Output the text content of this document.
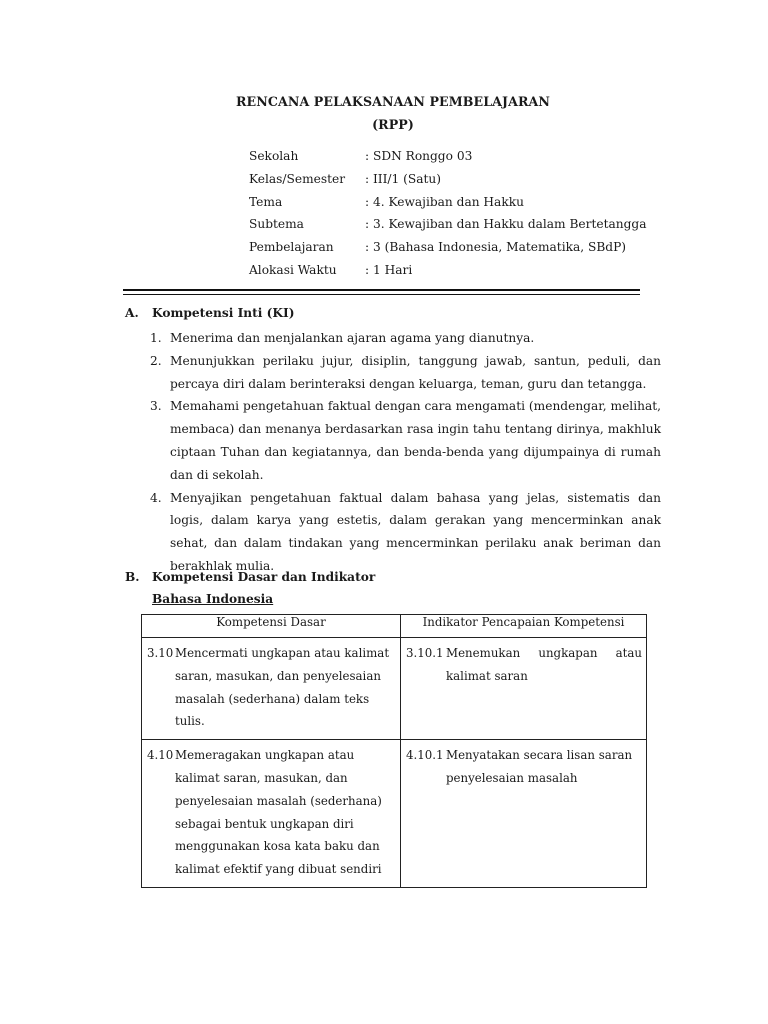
RENCANA PELAKSANAAN PEMBELAJARAN
(RPP)
Sekolah	: SDN Ronggo 03
Kelas/Semester : III/1 (Satu)
Tema	: 4. Kewajiban dan Hakku
Subtema	: 3. Kewajiban dan Hakku dalam Bertetangga
Pembelajaran	: 3 (Bahasa Indonesia, Matematika, SBdP)
Alokasi Waktu : 1 Hari
A. Kompetensi Inti (KI)
1. Menerima dan menjalankan ajaran agama yang dianutnya.
2. Menunjukkan perilaku jujur, disiplin, tanggung jawab, santun, peduli, dan percaya diri dalam berinteraksi dengan keluarga, teman, guru dan tetangga.
3. Memahami pengetahuan faktual dengan cara mengamati (mendengar, melihat, membaca) dan menanya berdasarkan rasa ingin tahu tentang dirinya, makhluk ciptaan Tuhan dan kegiatannya, dan benda-benda yang dijumpainya di rumah dan di sekolah.
4. Menyajikan pengetahuan faktual dalam bahasa yang jelas, sistematis dan logis, dalam karya yang estetis, dalam gerakan yang mencerminkan anak sehat, dan dalam tindakan yang mencerminkan perilaku anak beriman dan berakhlak mulia.
B. Kompetensi Dasar dan Indikator
Bahasa Indonesia
Kompetensi Dasar	Indikator Pencapaian Kompetensi

3.10 Mencermati ungkapan atau kalimat saran, masukan, dan penyelesaian masalah (sederhana) dalam teks tulis.	3.10.1 Menemukan ungkapan atau kalimat saran

4.10 Memeragakan ungkapan atau kalimat saran, masukan, dan penyelesaian masalah (sederhana) sebagai bentuk ungkapan diri menggunakan kosa kata baku dan kalimat efektif yang dibuat sendiri	4.10.1 Menyatakan secara lisan saran penyelesaian masalah
